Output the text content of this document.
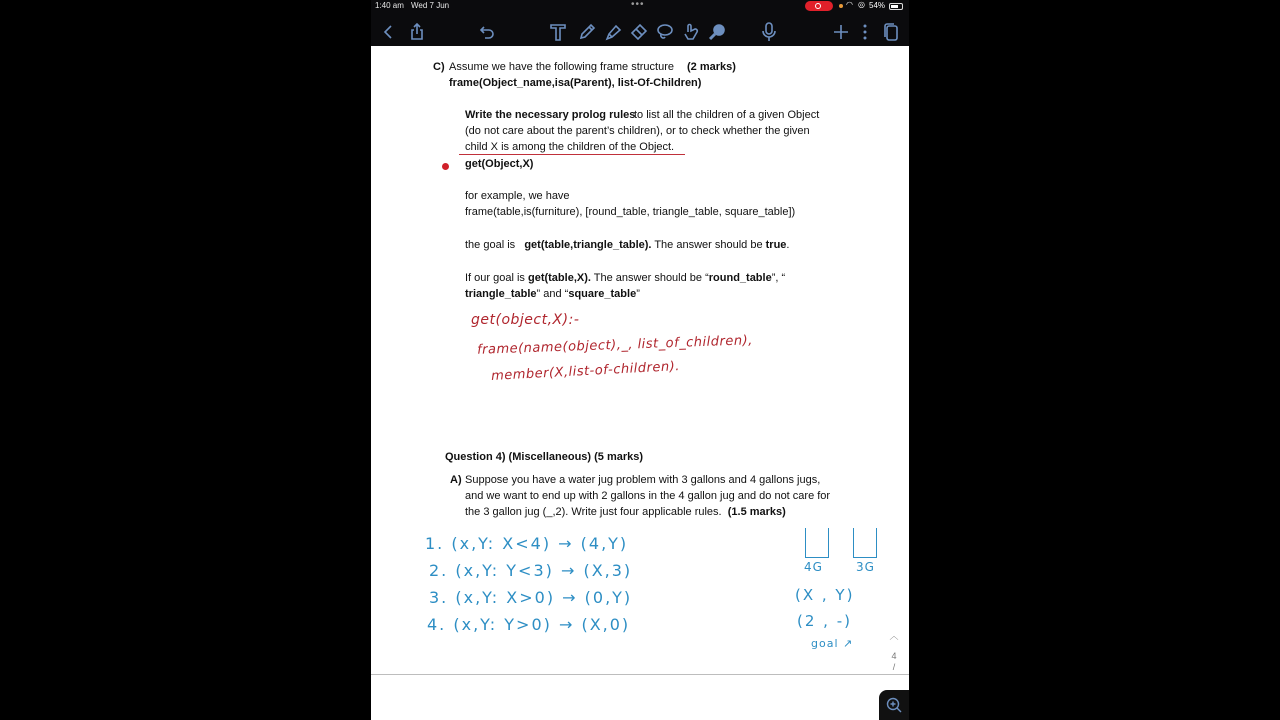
1:40 am Wed 7 Jun	•••	◠ ◎ 54%
C) Assume we have the following frame structure (2 marks)
frame(Object_name,isa(Parent), list-Of-Children)
Write the necessary prolog rules
to list all the children of a given Object
(do not care about the parent’s children), or to check whether the given
child X is among the children of the Object.
get(Object,X)
for example, we have
frame(table,is(furniture), [round_table, triangle_table, square_table])
the goal is get(table,triangle_table). The answer should be true.
If our goal is get(table,X). The answer should be “round_table”, “
triangle_table” and “square_table”
get(object,X):-
frame(name(object),_, list_of_children),
member(X,list-of-children).
Question 4) (Miscellaneous) (5 marks)
A) Suppose you have a water jug problem with 3 gallons and 4 gallons jugs,
and we want to end up with 2 gallons in the 4 gallon jug and do not care for
the 3 gallon jug (_,2). Write just four applicable rules. (1.5 marks)
1. (x,Y: X<4) → (4,Y)
2. (x,Y: Y<3) → (X,3)
3. (x,Y: X>0) → (0,Y)
4. (x,Y: Y>0) → (X,0)
4G	3G
(X , Y)
(2 , -)
goal ↗
︿
4
/
